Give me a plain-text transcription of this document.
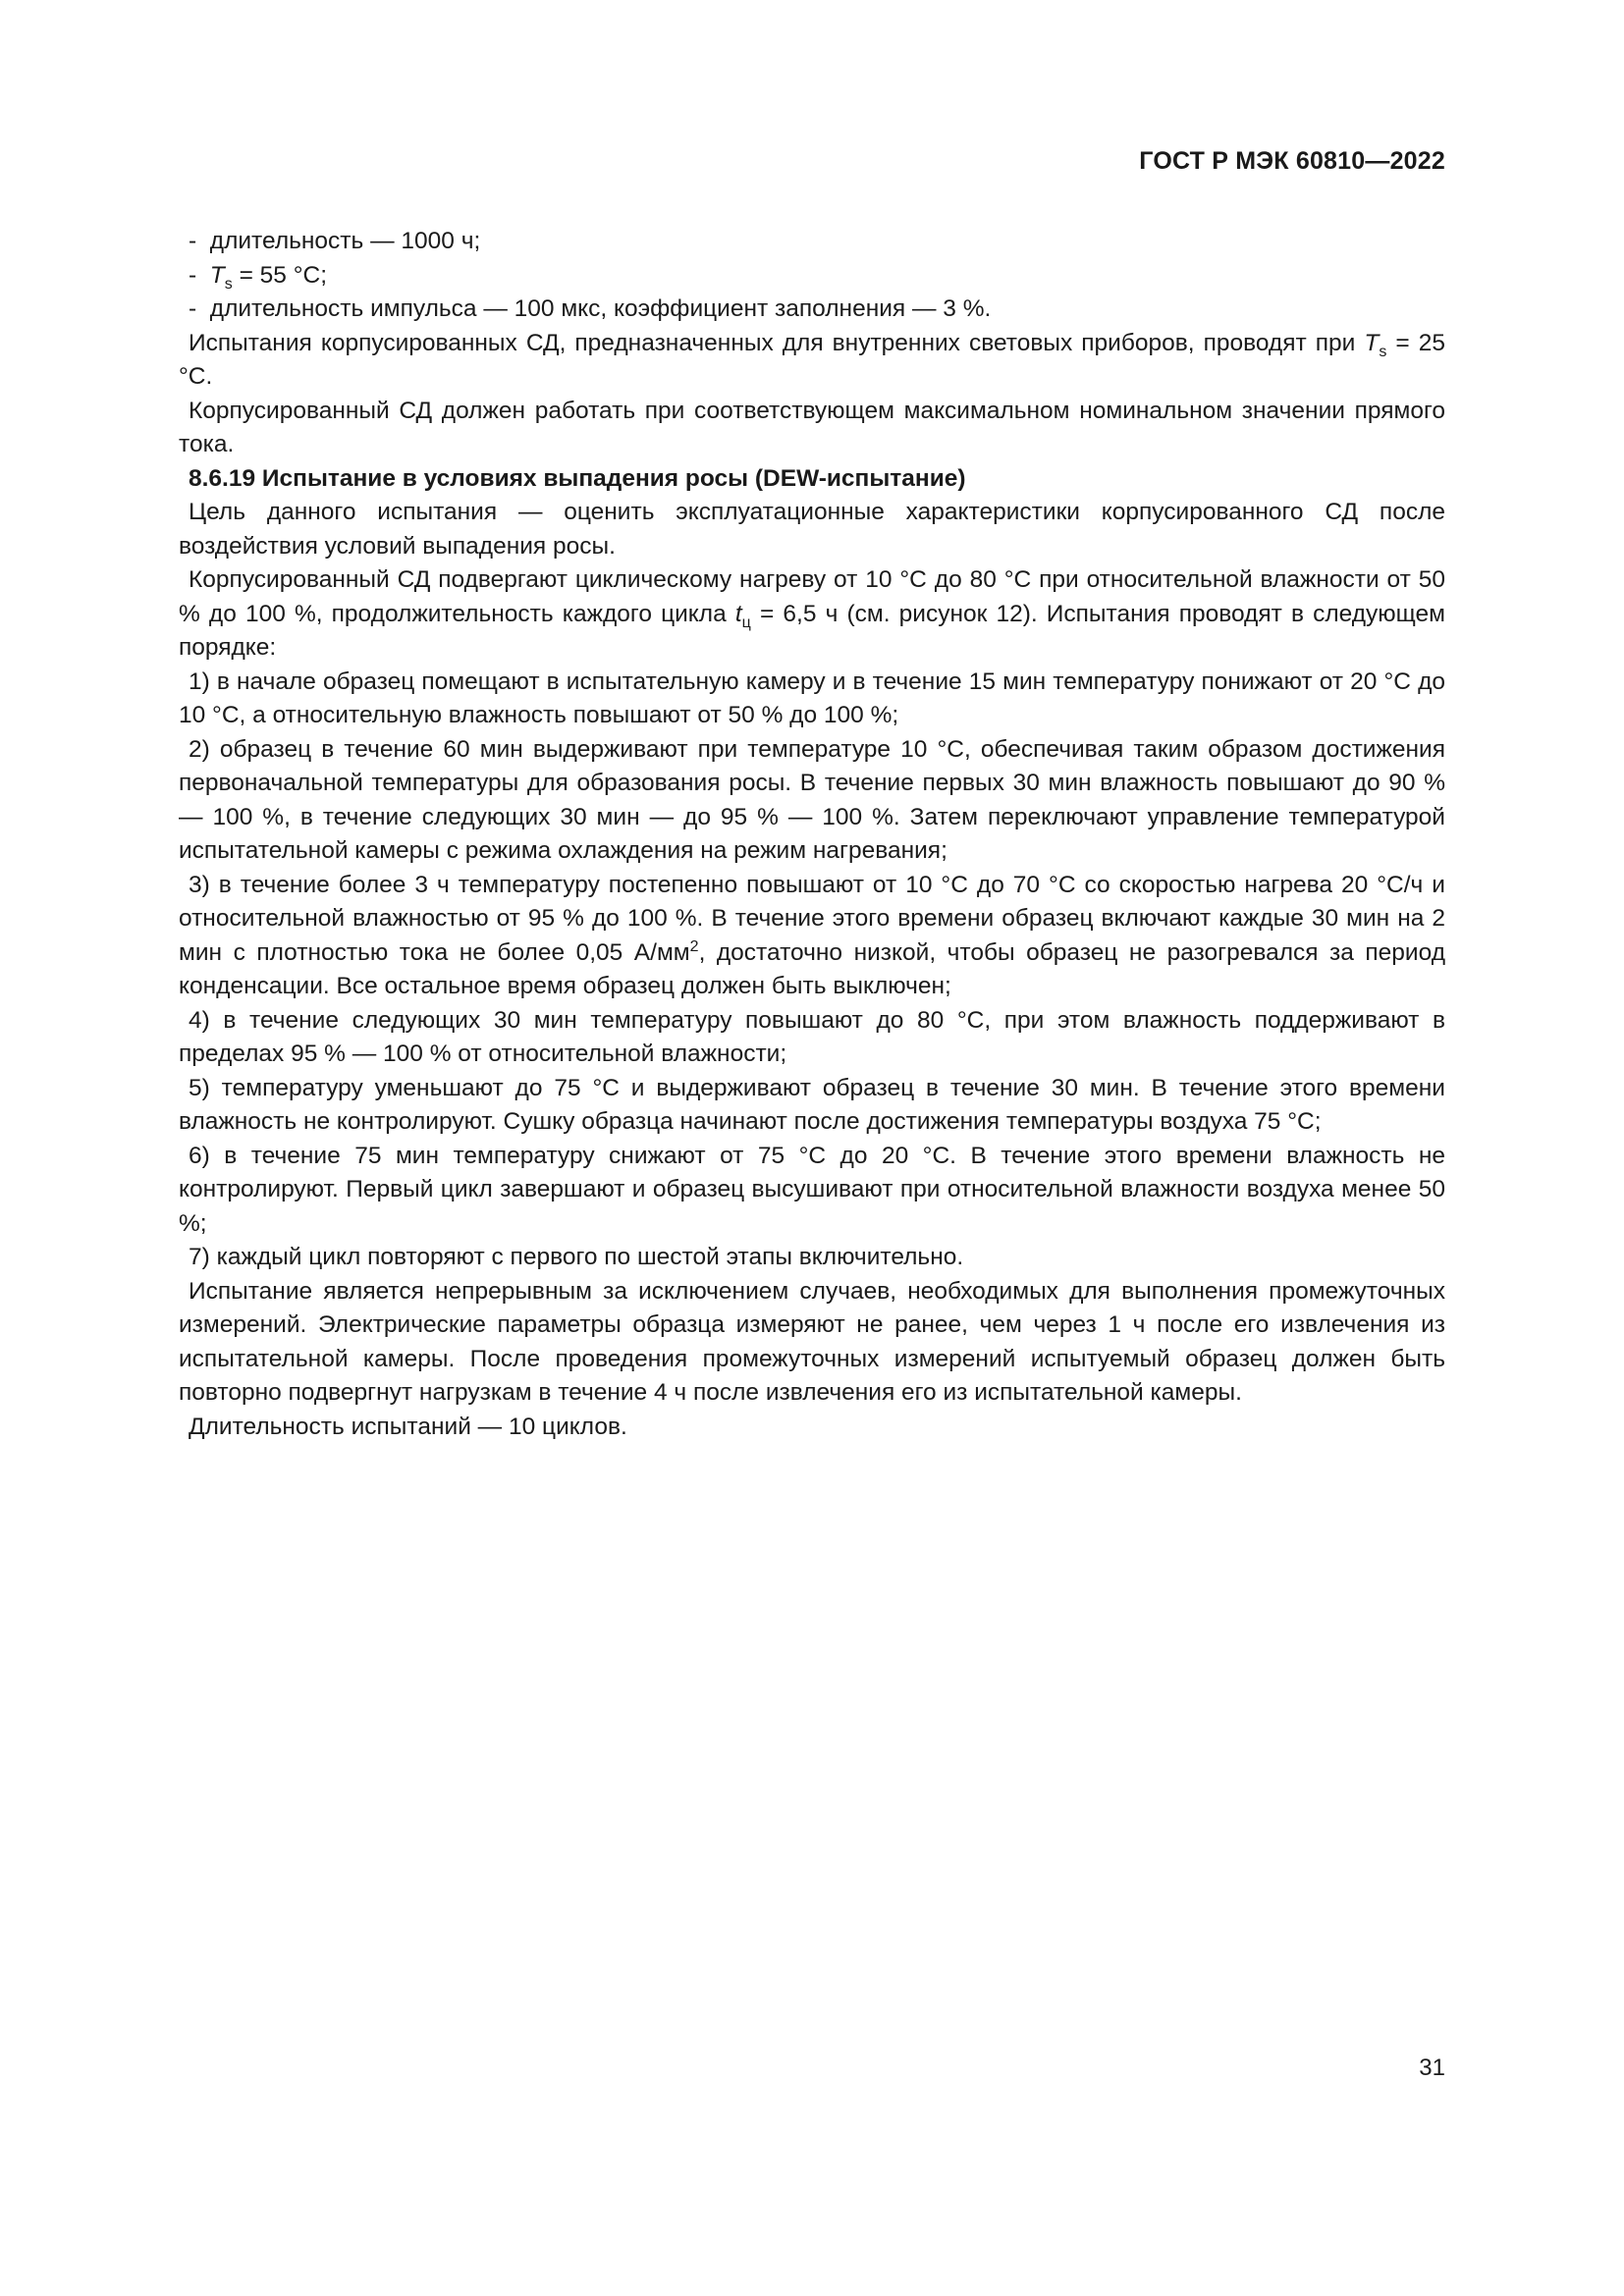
ГОСТ Р МЭК 60810—2022

-  длительность — 1000 ч;

-  $T_s = 55$ °C;

-  длительность импульса — 100 мкс, коэффициент заполнения — 3 %.

Испытания корпусированных СД, предназначенных для внутренних световых приборов, проводят при $T_s = 25$ °C.

Корпусированный СД должен работать при соответствующем максимальном номинальном значении прямого тока.

8.6.19 Испытание в условиях выпадения росы (DEW-испытание)

Цель данного испытания — оценить эксплуатационные характеристики корпусированного СД после воздействия условий выпадения росы.

Корпусированный СД подвергают циклическому нагреву от 10 °C до 80 °C при относительной влажности от 50 % до 100 %, продолжительность каждого цикла $t_ц = 6,5$ ч (см. рисунок 12). Испытания проводят в следующем порядке:

1) в начале образец помещают в испытательную камеру и в течение 15 мин температуру понижают от 20 °C до 10 °C, а относительную влажность повышают от 50 % до 100 %;

2) образец в течение 60 мин выдерживают при температуре 10 °C, обеспечивая таким образом достижения первоначальной температуры для образования росы. В течение первых 30 мин влажность повышают до 90 % — 100 %, в течение следующих 30 мин — до 95 % — 100 %. Затем переключают управление температурой испытательной камеры с режима охлаждения на режим нагревания;

3) в течение более 3 ч температуру постепенно повышают от 10 °C до 70 °C со скоростью нагрева 20 °C/ч и относительной влажностью от 95 % до 100 %. В течение этого времени образец включают каждые 30 мин на 2 мин с плотностью тока не более 0,05 $А/мм^2$, достаточно низкой, чтобы образец не разогревался за период конденсации. Все остальное время образец должен быть выключен;

4) в течение следующих 30 мин температуру повышают до 80 °C, при этом влажность поддерживают в пределах 95 % — 100 % от относительной влажности;

5) температуру уменьшают до 75 °C и выдерживают образец в течение 30 мин. В течение этого времени влажность не контролируют. Сушку образца начинают после достижения температуры воздуха 75 °C;

6) в течение 75 мин температуру снижают от 75 °C до 20 °C. В течение этого времени влажность не контролируют. Первый цикл завершают и образец высушивают при относительной влажности воздуха менее 50 %;

7) каждый цикл повторяют с первого по шестой этапы включительно.

Испытание является непрерывным за исключением случаев, необходимых для выполнения промежуточных измерений. Электрические параметры образца измеряют не ранее, чем через 1 ч после его извлечения из испытательной камеры. После проведения промежуточных измерений испытуемый образец должен быть повторно подвергнут нагрузкам в течение 4 ч после извлечения его из испытательной камеры.

Длительность испытаний — 10 циклов.

31
